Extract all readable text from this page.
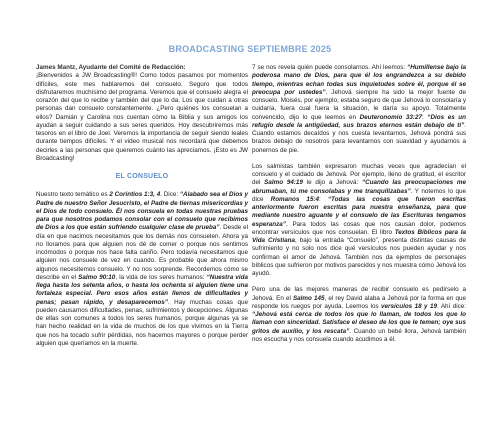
BROADCASTING SEPTIEMBRE 2025

James Mantz, Ayudante del Comité de Redacción:
¡Bienvenidos a JW Broadcasting®! Como todos pasamos por momentos difíciles, este mes hablaremos del consuelo. Seguro que todos disfrutaremos muchísimo del programa. Veremos que el consuelo alegra el corazón del que lo recibe y también del que lo da. Los que cuidan a otras personas dan consuelo constantemente. ¿Pero quiénes los consuelan a ellos? Damián y Carolina nos cuentan cómo la Biblia y sus amigos los ayudan a seguir cuidando a sus seres queridos. Hoy descubriremos más tesoros en el libro de Joel. Veremos la importancia de seguir siendo leales durante tiempos difíciles. Y el video musical nos recordará que debemos decirles a las personas que queremos cuánto las apreciamos. ¡Esto es JW Broadcasting!

EL CONSUELO

Nuestro texto temático es 2 Corintios 1:3, 4. Dice: “Alabado sea el Dios y Padre de nuestro Señor Jesucristo, el Padre de tiernas misericordias y el Dios de todo consuelo. Él nos consuela en todas nuestras pruebas para que nosotros podamos consolar con el consuelo que recibimos de Dios a los que están sufriendo cualquier clase de prueba”. Desde el día en que nacimos necesitamos que los demás nos consuelen. Ahora ya no lloramos para que alguien nos dé de comer o porque nos sentimos incómodos o porque nos hace falta cariño. Pero todavía necesitamos que alguien nos consuele de vez en cuando. Es probable que ahora mismo algunos necesitemos consuelo. Y no nos sorprende. Recordemos cómo se describe en el Salmo 90:10, la vida de los seres humanos: “Nuestra vida llega hasta los setenta años, o hasta los ochenta si alguien tiene una fortaleza especial. Pero esos años están llenos de dificultades y penas; pasan rápido, y desaparecemos”. Hay muchas cosas que pueden causarnos dificultades, penas, sufrimientos y decepciones. Algunas de ellas son comunes a todos los seres humanos, porque algunas ya se han hecho realidad en la vida de muchos de los que vivimos en la Tierra que nos ha tocado sufrir pérdidas, nos hacemos mayores o porque perder alguien que queríamos en la muerte.

7 se nos revela quién puede consolarnos. Ahí leemos: “Humíllense bajo la poderosa mano de Dios, para que él los engrandezca a su debido tiempo, mientras echan todas sus inquietudes sobre él, porque él se preocupa por ustedes”. Jehová siempre ha sido la mejor fuente de consuelo. Moisés, por ejemplo, estaba seguro de que Jehová lo consolaría y cuidaría, fuera cual fuera la situación, le daría su apoyo. Totalmente convencido, dijo lo que leemos en Deuteronomio 33:27: “Dios es un refugio desde la antigüedad, sus brazos eternos están debajo de ti”. Cuando estamos decaídos y nos cuesta levantarnos, Jehová pondrá sus brazos debajo de nosotros para levantarnos con suavidad y ayudarnos a ponernos de pie.

Los salmistas también expresaron muchas veces que agradecían el consuelo y el cuidado de Jehová. Por ejemplo, lleno de gratitud, el escritor del Salmo 94:19 le dijo a Jehová: “Cuando las preocupaciones me abrumaban, tú me consolabas y me tranquilizabas”. Y notemos lo que dice Romanos 15:4: “Todas las cosas que fueron escritas anteriormente fueron escritas para nuestra enseñanza, para que mediante nuestro aguante y el consuelo de las Escrituras tengamos esperanza”. Para todos las cosas que nos causan dolor, podemos encontrar versículos que nos consuelan. El libro Textos Bíblicos para la Vida Cristiana, bajo la entrada “Consuelo”, presenta distintas causas de sufrimiento y no solo nos dice qué versículos nos pueden ayudar y nos confirman el amor de Jehová. También nos da ejemplos de personajes bíblicos que sufrieron por motivos parecidos y nos muestra cómo Jehová los ayudó.

Pero una de las mejores maneras de recibir consuelo es pedírselo a Jehová. En el Salmo 145, el rey David alaba a Jehová por la forma en que responde los ruegos por ayuda. Leemos los versículos 18 y 19. Ahí dice: “Jehová está cerca de todos los que lo llaman, de todos los que lo llaman con sinceridad. Satisface el deseo de los que le temen; oye sus gritos de auxilio, y los rescata”. Cuando un bebé llora, Jehová también nos escucha y nos consuela cuando acudimos a él.
